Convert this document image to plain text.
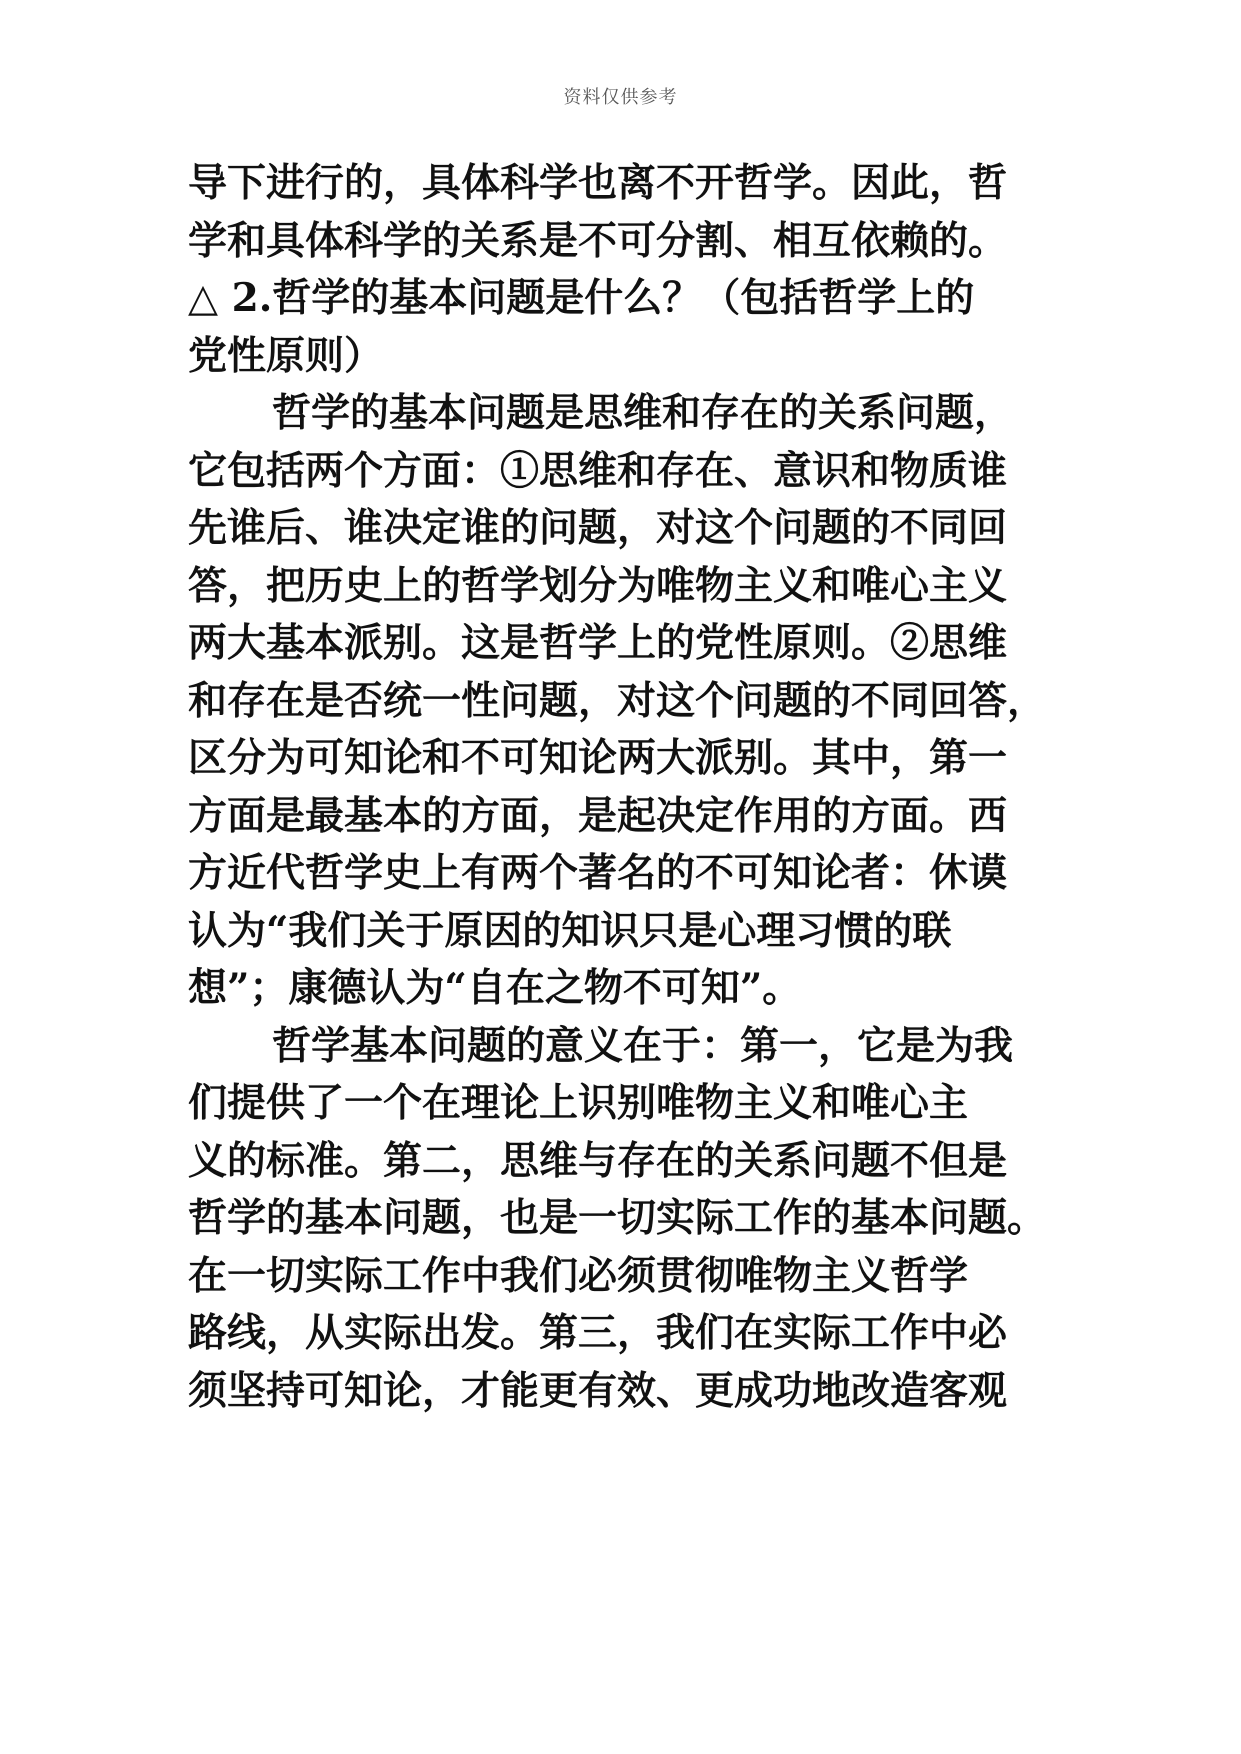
资料仅供参考
导下进行的，具体科学也离不开哲学。因此，哲
学和具体科学的关系是不可分割、相互依赖的。
△ 2.哲学的基本问题是什么？（包括哲学上的
党性原则）
哲学的基本问题是思维和存在的关系问题，
它包括两个方面：①思维和存在、意识和物质谁
先谁后、谁决定谁的问题，对这个问题的不同回
答，把历史上的哲学划分为唯物主义和唯心主义
两大基本派别。这是哲学上的党性原则。②思维
和存在是否统一性问题，对这个问题的不同回答，
区分为可知论和不可知论两大派别。其中，第一
方面是最基本的方面，是起决定作用的方面。西
方近代哲学史上有两个著名的不可知论者：休谟
认为“我们关于原因的知识只是心理习惯的联
想”；康德认为“自在之物不可知”。
哲学基本问题的意义在于：第一，它是为我
们提供了一个在理论上识别唯物主义和唯心主
义的标准。第二，思维与存在的关系问题不但是
哲学的基本问题，也是一切实际工作的基本问题。
在一切实际工作中我们必须贯彻唯物主义哲学
路线，从实际出发。第三，我们在实际工作中必
须坚持可知论，才能更有效、更成功地改造客观
